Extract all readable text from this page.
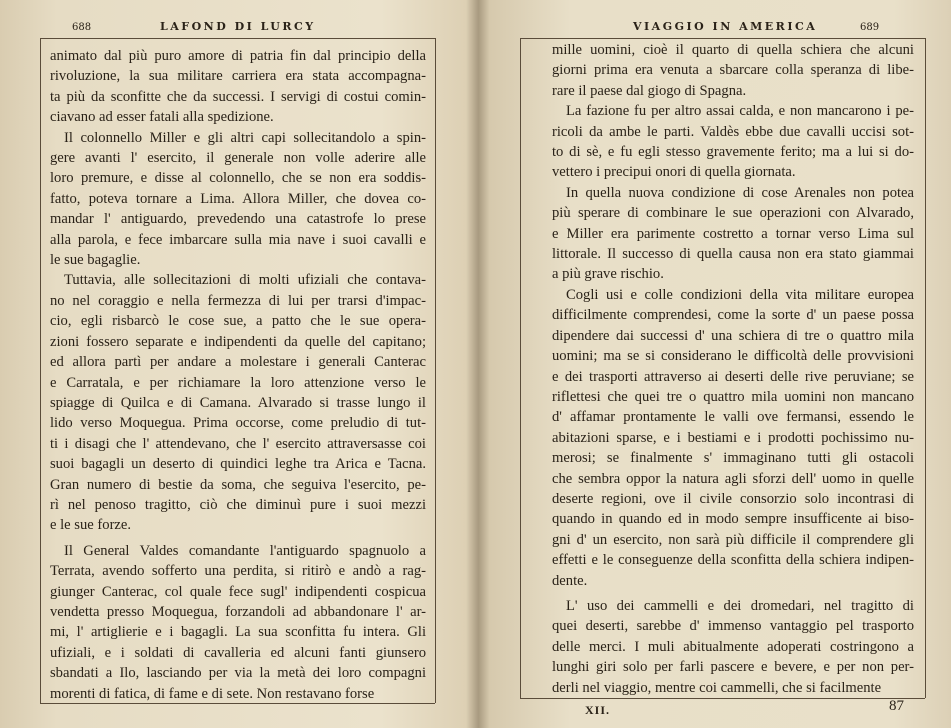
688	LAFOND DI LURCY
animato dal più puro amore di patria fin dal principio della
rivoluzione, la sua militare carriera era stata accompagna-
ta più da sconfitte che da successi. I servigi di costui comin-
ciavano ad esser fatali alla spedizione.
Il colonnello Miller e gli altri capi sollecitandolo a spin-
gere avanti l' esercito, il generale non volle aderire alle
loro premure, e disse al colonnello, che se non era soddis-
fatto, poteva tornare a Lima. Allora Miller, che dovea co-
mandar l' antiguardo, prevedendo una catastrofe lo prese
alla parola, e fece imbarcare sulla mia nave i suoi cavalli e
le sue bagaglie.
Tuttavia, alle sollecitazioni di molti ufiziali che contava-
no nel coraggio e nella fermezza di lui per trarsi d'impac-
cio, egli risbarcò le cose sue, a patto che le sue opera-
zioni fossero separate e indipendenti da quelle del capitano;
ed allora partì per andare a molestare i generali Canterac
e Carratala, e per richiamare la loro attenzione verso le
spiagge di Quilca e di Camana. Alvarado si trasse lungo il
lido verso Moquegua. Prima occorse, come preludio di tut-
ti i disagi che l' attendevano, che l' esercito attraversasse coi
suoi bagagli un deserto di quindici leghe tra Arica e Tacna.
Gran numero di bestie da soma, che seguiva l'esercito, pe-
rì nel penoso tragitto, ciò che diminuì pure i suoi mezzi
e le sue forze.
Il General Valdes comandante l'antiguardo spagnuolo a
Terrata, avendo sofferto una perdita, si ritirò e andò a rag-
giunger Canterac, col quale fece sugl' indipendenti cospicua
vendetta presso Moquegua, forzandoli ad abbandonare l' ar-
mi, l' artiglierie e i bagagli. La sua sconfitta fu intera. Gli
ufiziali, e i soldati di cavalleria ed alcuni fanti giunsero
sbandati a Ilo, lasciando per via la metà dei loro compagni
morenti di fatica, di fame e di sete. Non restavano forse
VIAGGIO IN AMERICA	689
mille uomini, cioè il quarto di quella schiera che alcuni
giorni prima era venuta a sbarcare colla speranza di libe-
rare il paese dal giogo di Spagna.
La fazione fu per altro assai calda, e non mancarono i pe-
ricoli da ambe le parti. Valdès ebbe due cavalli uccisi sot-
to di sè, e fu egli stesso gravemente ferito; ma a lui si do-
vettero i precipui onori di quella giornata.
In quella nuova condizione di cose Arenales non potea
più sperare di combinare le sue operazioni con Alvarado,
e Miller era parimente costretto a tornar verso Lima sul
littorale. Il successo di quella causa non era stato giammai
a più grave rischio.
Cogli usi e colle condizioni della vita militare europea
difficilmente comprendesi, come la sorte d' un paese possa
dipendere dai successi d' una schiera di tre o quattro mila
uomini; ma se si considerano le difficoltà delle provvisioni
e dei trasporti attraverso ai deserti delle rive peruviane; se
riflettesi che quei tre o quattro mila uomini non mancano
d' affamar prontamente le valli ove fermansi, essendo le
abitazioni sparse, e i bestiami e i prodotti pochissimo nu-
merosi; se finalmente s' immaginano tutti gli ostacoli
che sembra oppor la natura agli sforzi dell' uomo in quelle
deserte regioni, ove il civile consorzio solo incontrasi di
quando in quando ed in modo sempre insufficente ai biso-
gni d' un esercito, non sarà più difficile il comprendere gli
effetti e le conseguenze della sconfitta della schiera indipen-
dente.
L' uso dei cammelli e dei dromedari, nel tragitto di
quei deserti, sarebbe d' immenso vantaggio pel trasporto
delle merci. I muli abitualmente adoperati costringono a
lunghi giri solo per farli pascere e bevere, e per non per-
derli nel viaggio, mentre coi cammelli, che si facilmente
XII.	87
